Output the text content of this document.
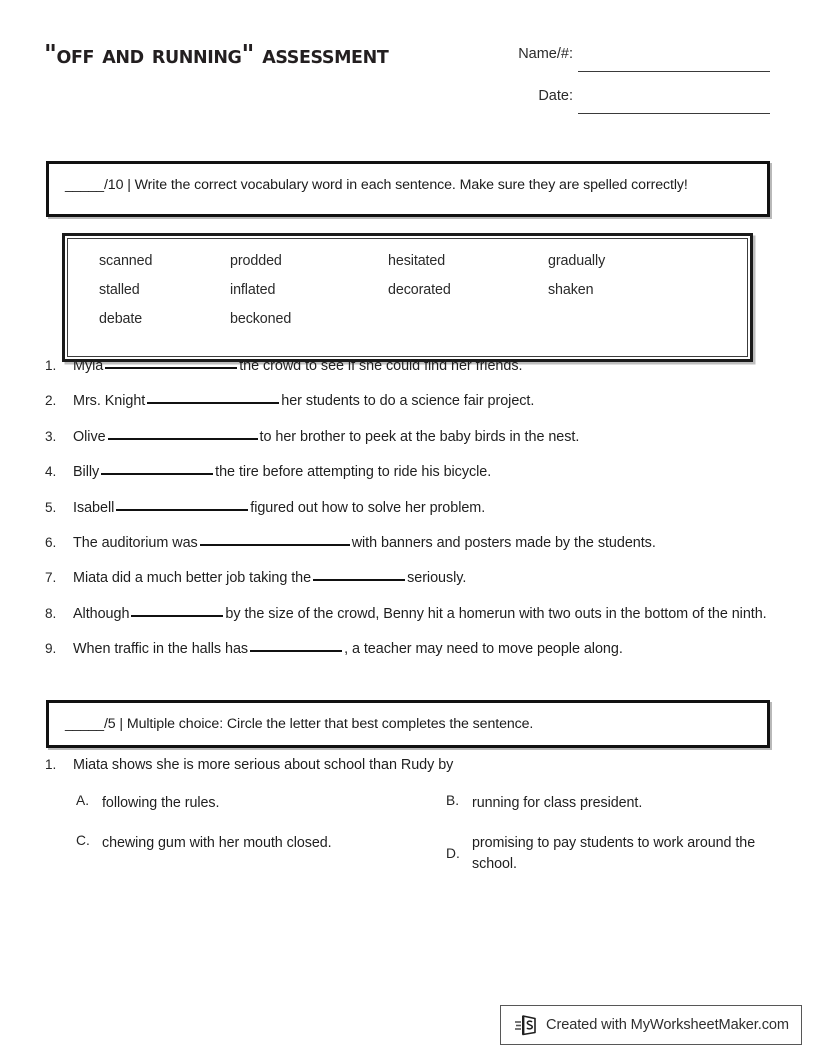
"off and running" assessment	Name/#:
Date:
_____/10 | Write the correct vocabulary word in each sentence. Make sure they are spelled correctly!
scanned	prodded	hesitated	gradually
stalled	inflated	decorated	shaken
debate	beckoned
1.	Myla	the crowd to see if she could find her friends.
2.	Mrs. Knight	her students to do a science fair project.
3.	Olive	to her brother to peek at the baby birds in the nest.
4.	Billy	the tire before attempting to ride his bicycle.
5.	Isabell	figured out how to solve her problem.
6.	The auditorium was	with banners and posters made by the students.
7.	Miata did a much better job taking the	seriously.
8.	Although	by the size of the crowd, Benny hit a homerun with two outs in the bottom of the ninth.
9.	When traffic in the halls has	, a teacher may need to move people along.
_____/5 | Multiple choice: Circle the letter that best completes the sentence.
1.	Miata shows she is more serious about school than Rudy by
A. following the rules.	B. running for class president.
C. chewing gum with her mouth closed.
D.
promising to pay students to work around the school.
Created with MyWorksheetMaker.com
